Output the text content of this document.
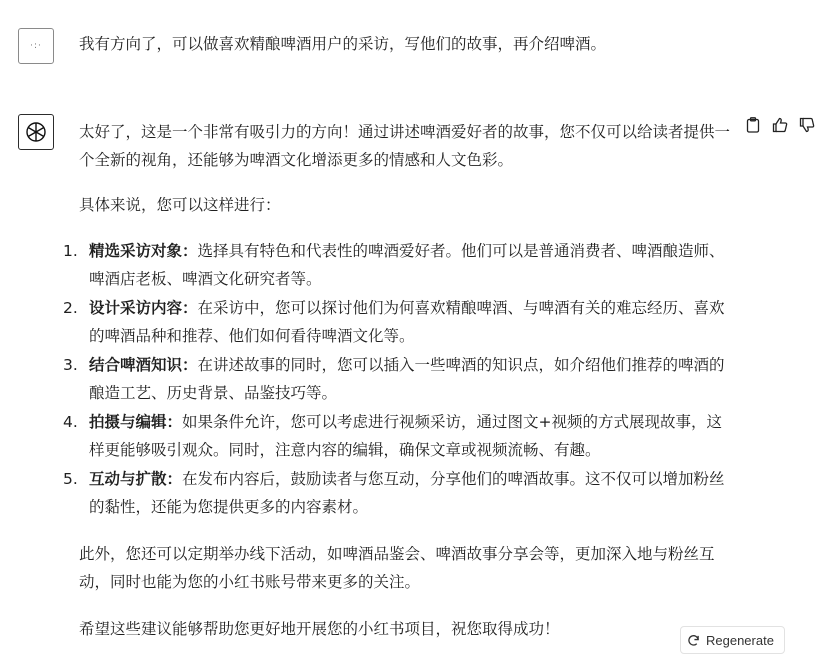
·:· 我有方向了，可以做喜欢精酿啤酒用户的采访，写他们的故事，再介绍啤酒。

太好了，这是一个非常有吸引力的方向！通过讲述啤酒爱好者的故事，您不仅可以给读者提供一个全新的视角，还能够为啤酒文化增添更多的情感和人文色彩。

具体来说，您可以这样进行：

1. 精选采访对象：选择具有特色和代表性的啤酒爱好者。他们可以是普通消费者、啤酒酿造师、啤酒店老板、啤酒文化研究者等。
2. 设计采访内容：在采访中，您可以探讨他们为何喜欢精酿啤酒、与啤酒有关的难忘经历、喜欢的啤酒品种和推荐、他们如何看待啤酒文化等。
3. 结合啤酒知识：在讲述故事的同时，您可以插入一些啤酒的知识点，如介绍他们推荐的啤酒的酿造工艺、历史背景、品鉴技巧等。
4. 拍摄与编辑：如果条件允许，您可以考虑进行视频采访，通过图文+视频的方式展现故事，这样更能够吸引观众。同时，注意内容的编辑，确保文章或视频流畅、有趣。
5. 互动与扩散：在发布内容后，鼓励读者与您互动，分享他们的啤酒故事。这不仅可以增加粉丝的黏性，还能为您提供更多的内容素材。

此外，您还可以定期举办线下活动，如啤酒品鉴会、啤酒故事分享会等，更加深入地与粉丝互动，同时也能为您的小红书账号带来更多的关注。

希望这些建议能够帮助您更好地开展您的小红书项目，祝您取得成功！

Regenerate
